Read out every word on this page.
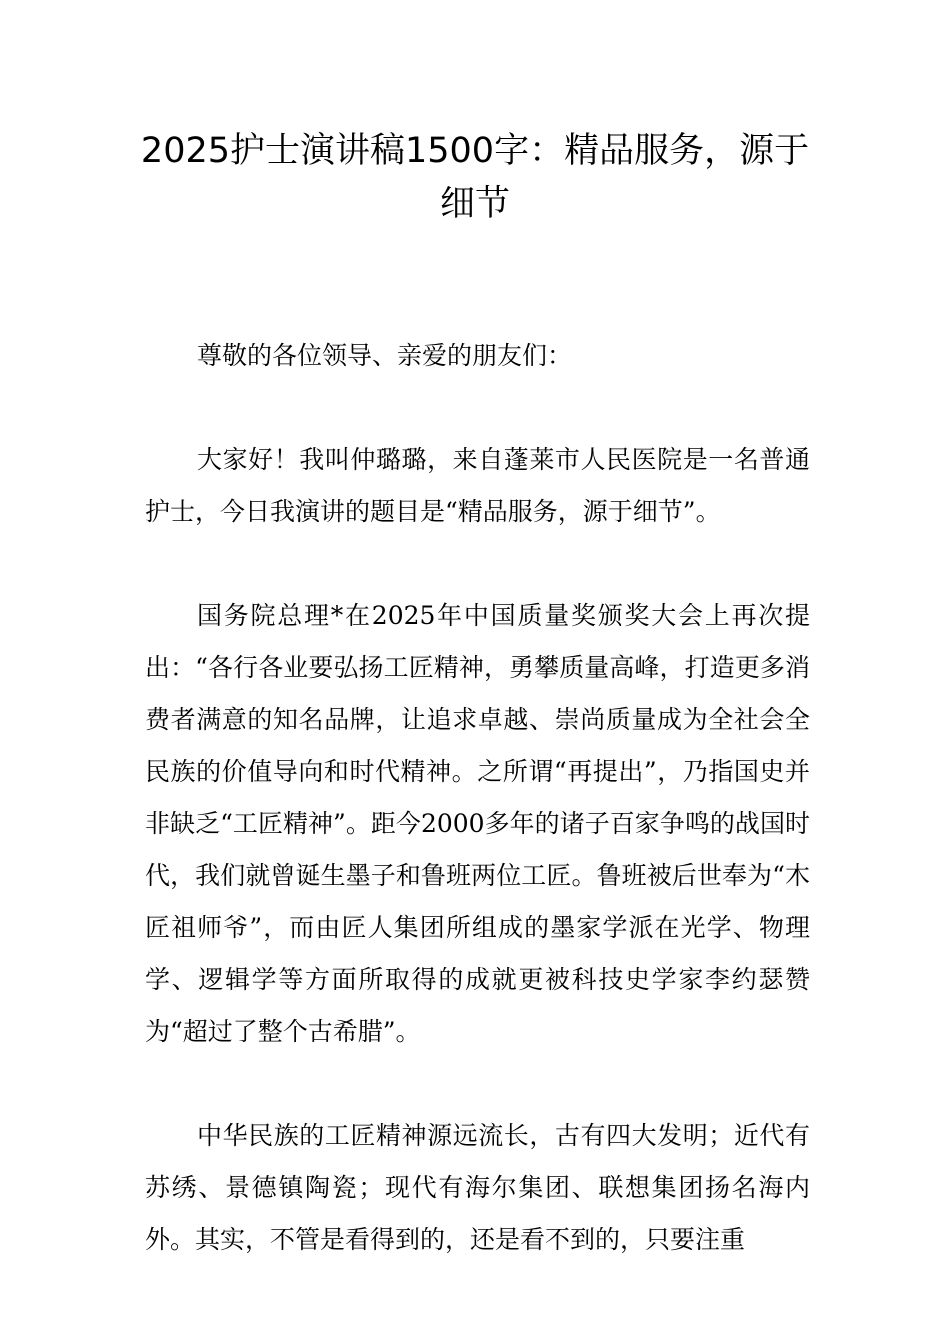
2025护士演讲稿1500字：精品服务，源于细节

尊敬的各位领导、亲爱的朋友们：

大家好！我叫仲璐璐，来自蓬莱市人民医院是一名普通护士，今日我演讲的题目是“精品服务，源于细节”。

国务院总理*在2025年中国质量奖颁奖大会上再次提出：“各行各业要弘扬工匠精神，勇攀质量高峰，打造更多消费者满意的知名品牌，让追求卓越、崇尚质量成为全社会全民族的价值导向和时代精神。之所谓“再提出”，乃指国史并非缺乏“工匠精神”。距今2000多年的诸子百家争鸣的战国时代，我们就曾诞生墨子和鲁班两位工匠。鲁班被后世奉为“木匠祖师爷”，而由匠人集团所组成的墨家学派在光学、物理学、逻辑学等方面所取得的成就更被科技史学家李约瑟赞为“超过了整个古希腊”。

中华民族的工匠精神源远流长，古有四大发明；近代有苏绣、景德镇陶瓷；现代有海尔集团、联想集团扬名海内外。其实，不管是看得到的，还是看不到的，只要注重
